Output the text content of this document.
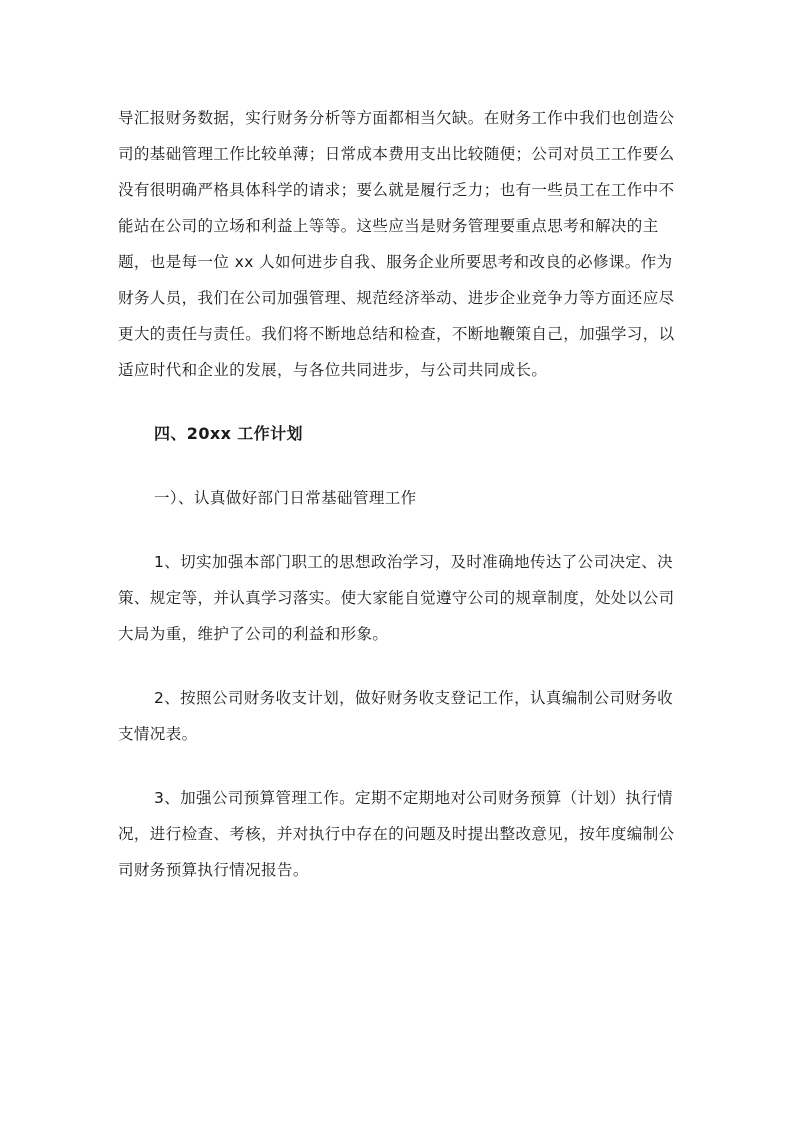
导汇报财务数据，实行财务分析等方面都相当欠缺。在财务工作中我们也创造公
司的基础管理工作比较单薄；日常成本费用支出比较随便；公司对员工工作要么
没有很明确严格具体科学的请求；要么就是履行乏力；也有一些员工在工作中不
能站在公司的立场和利益上等等。这些应当是财务管理要重点思考和解决的主
题，也是每一位 xx 人如何进步自我、服务企业所要思考和改良的必修课。作为
财务人员，我们在公司加强管理、规范经济举动、进步企业竞争力等方面还应尽
更大的责任与责任。我们将不断地总结和检查，不断地鞭策自己，加强学习，以
适应时代和企业的发展，与各位共同进步，与公司共同成长。

四、20xx 工作计划

一）、认真做好部门日常基础管理工作

1、切实加强本部门职工的思想政治学习，及时准确地传达了公司决定、决
策、规定等，并认真学习落实。使大家能自觉遵守公司的规章制度，处处以公司
大局为重，维护了公司的利益和形象。

2、按照公司财务收支计划，做好财务收支登记工作，认真编制公司财务收
支情况表。

3、加强公司预算管理工作。定期不定期地对公司财务预算（计划）执行情
况，进行检查、考核，并对执行中存在的问题及时提出整改意见，按年度编制公
司财务预算执行情况报告。
